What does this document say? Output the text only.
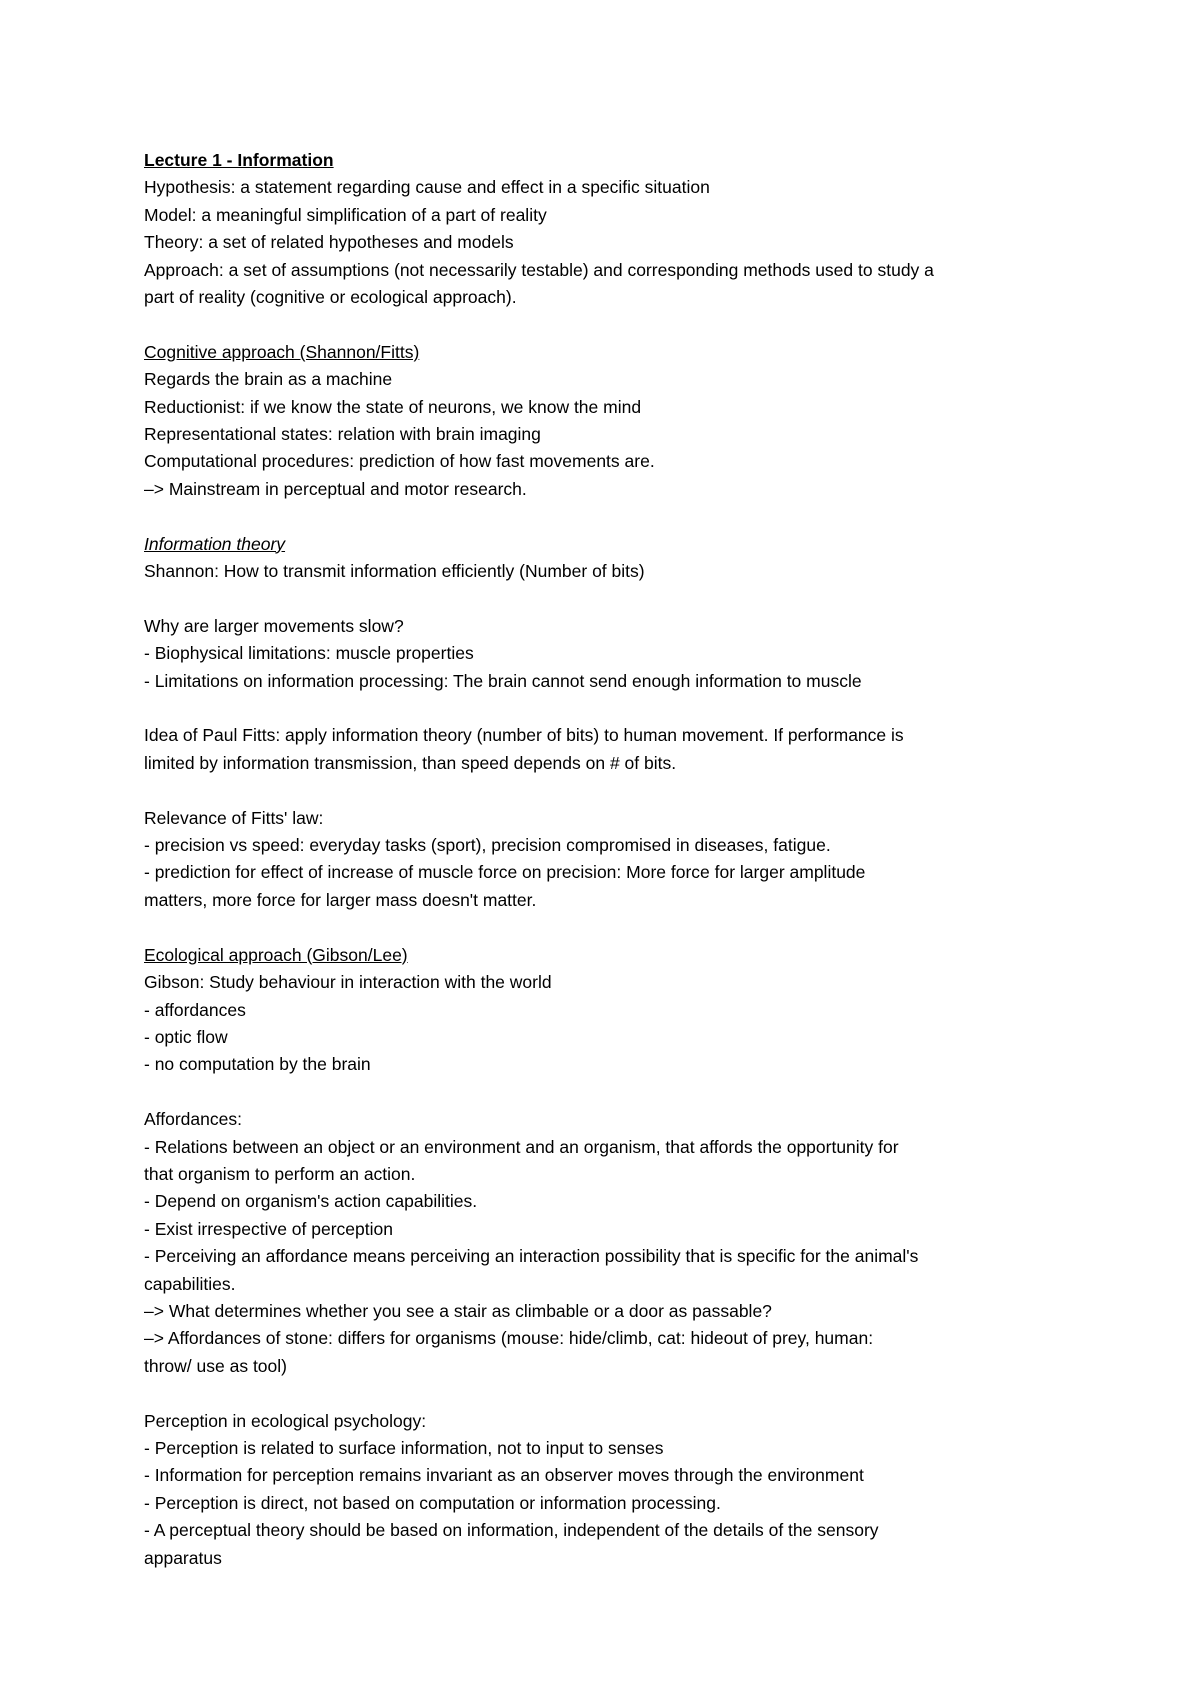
Lecture 1 - Information
Hypothesis: a statement regarding cause and effect in a specific situation
Model: a meaningful simplification of a part of reality
Theory: a set of related hypotheses and models
Approach: a set of assumptions (not necessarily testable) and corresponding methods used to study a
part of reality (cognitive or ecological approach).
Cognitive approach (Shannon/Fitts)
Regards the brain as a machine
Reductionist: if we know the state of neurons, we know the mind
Representational states: relation with brain imaging
Computational procedures: prediction of how fast movements are.
–> Mainstream in perceptual and motor research.
Information theory
Shannon: How to transmit information efficiently (Number of bits)
Why are larger movements slow?
- Biophysical limitations: muscle properties
- Limitations on information processing: The brain cannot send enough information to muscle
Idea of Paul Fitts: apply information theory (number of bits) to human movement. If performance is
limited by information transmission, than speed depends on # of bits.
Relevance of Fitts' law:
- precision vs speed: everyday tasks (sport), precision compromised in diseases, fatigue.
- prediction for effect of increase of muscle force on precision: More force for larger amplitude
matters, more force for larger mass doesn't matter.
Ecological approach (Gibson/Lee)
Gibson: Study behaviour in interaction with the world
- affordances
- optic flow
- no computation by the brain
Affordances:
- Relations between an object or an environment and an organism, that affords the opportunity for
that organism to perform an action.
- Depend on organism's action capabilities.
- Exist irrespective of perception
- Perceiving an affordance means perceiving an interaction possibility that is specific for the animal's
capabilities.
–> What determines whether you see a stair as climbable or a door as passable?
–> Affordances of stone: differs for organisms (mouse: hide/climb, cat: hideout of prey, human:
throw/ use as tool)
Perception in ecological psychology:
- Perception is related to surface information, not to input to senses
- Information for perception remains invariant as an observer moves through the environment
- Perception is direct, not based on computation or information processing.
- A perceptual theory should be based on information, independent of the details of the sensory
apparatus
